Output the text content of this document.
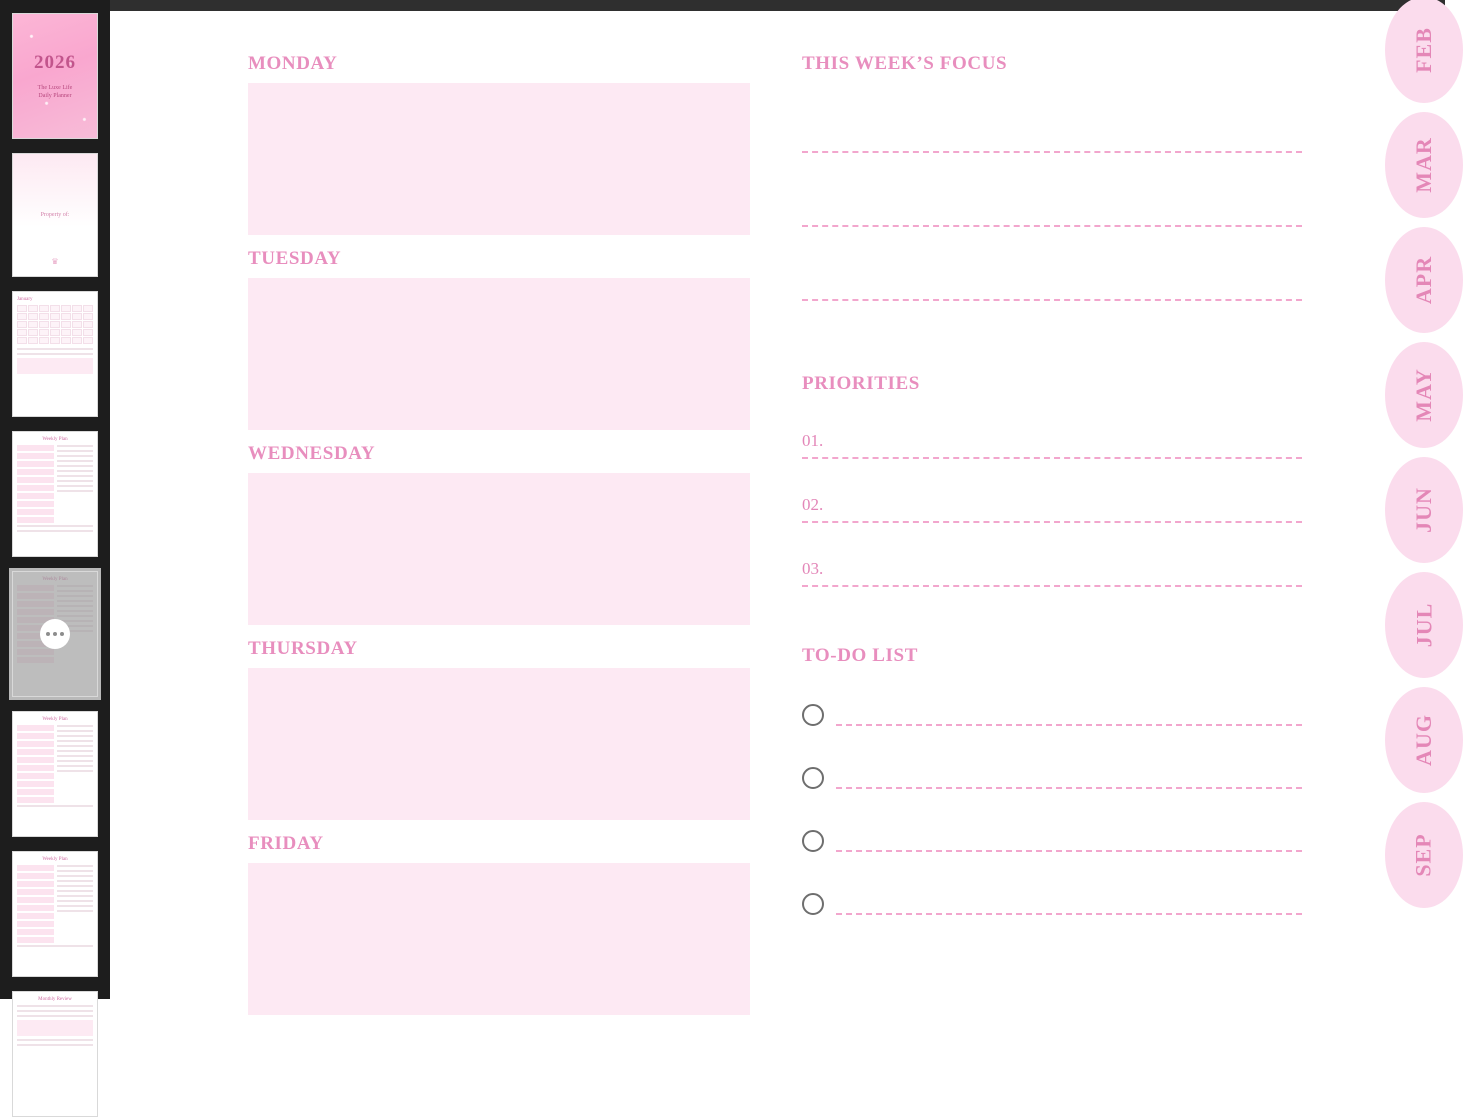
2026
The Luxe Life
Daily Planner
Property of:
♛
January
Weekly Plan
Weekly Plan
Weekly Plan
Weekly Plan
Monthly Review
MONDAY
TUESDAY
WEDNESDAY
THURSDAY
FRIDAY
THIS WEEK’S FOCUS
PRIORITIES
01.
02.
03.
TO-DO LIST
FEB
MAR
APR
MAY
JUN
JUL
AUG
SEP
